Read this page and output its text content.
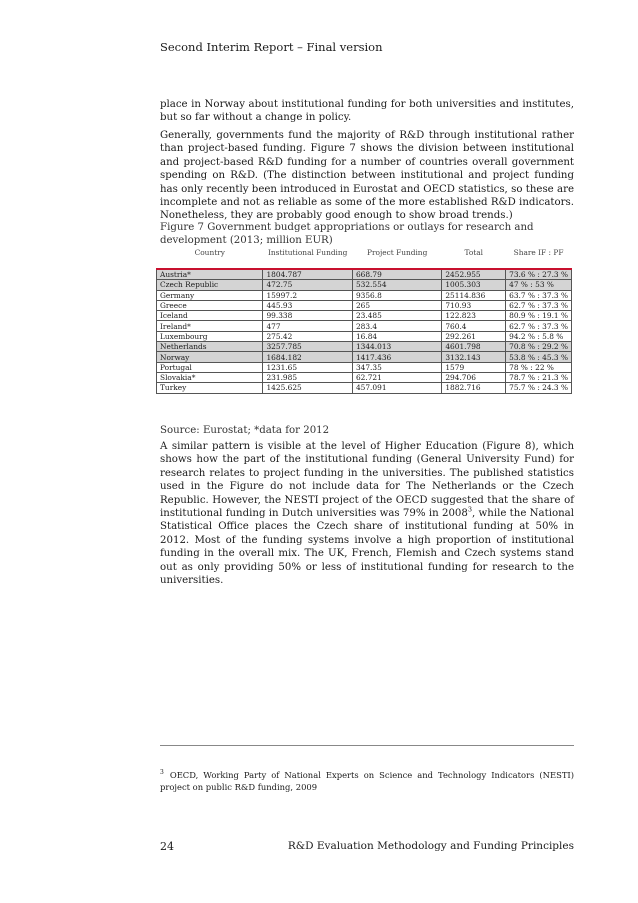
Second Interim Report – Final version
place in Norway about institutional funding for both universities and institutes, but so far without a change in policy.
Generally, governments fund the majority of R&D through institutional rather than project-based funding. Figure 7 shows the division between institutional and project-based R&D funding for a number of countries overall government spending on R&D. (The distinction between institutional and project funding has only recently been introduced in Eurostat and OECD statistics, so these are incomplete and not as reliable as some of the more established R&D indicators. Nonetheless, they are probably good enough to show broad trends.)
Figure 7 Government budget appropriations or outlays for research and development (2013; million EUR)
Country	Institutional Funding	Project Funding	Total	Share IF : PF
Austria*	1804.787	668.79	2452.955	73.6 % : 27.3 %
Czech Republic	472.75	532.554	1005.303	47 % : 53 %
Germany	15997.2	9356.8	25114.836	63.7 % : 37.3 %
Greece	445.93	265	710.93	62.7 % : 37.3 %
Iceland	99.338	23.485	122.823	80.9 % : 19.1 %
Ireland*	477	283.4	760.4	62.7 % : 37.3 %
Luxembourg	275.42	16.84	292.261	94.2 % : 5.8 %
Netherlands	3257.785	1344.013	4601.798	70.8 % : 29.2 %
Norway	1684.182	1417.436	3132.143	53.8 % : 45.3 %
Portugal	1231.65	347.35	1579	78 % : 22 %
Slovakia*	231.985	62.721	294.706	78.7 % : 21.3 %
Turkey	1425.625	457.091	1882.716	75.7 % : 24.3 %
Source: Eurostat; *data for 2012
A similar pattern is visible at the level of Higher Education (Figure 8), which shows how the part of the institutional funding (General University Fund) for research relates to project funding in the universities. The published statistics used in the Figure do not include data for The Netherlands or the Czech Republic. However, the NESTI project of the OECD suggested that the share of institutional funding in Dutch universities was 79% in 2008$^3$, while the National Statistical Office places the Czech share of institutional funding at 50% in 2012. Most of the funding systems involve a high proportion of institutional funding in the overall mix. The UK, French, Flemish and Czech systems stand out as only providing 50% or less of institutional funding for research to the universities.
$^3$ OECD, Working Party of National Experts on Science and Technology Indicators (NESTI) project on public R&D funding, 2009
24	R&D Evaluation Methodology and Funding Principles
